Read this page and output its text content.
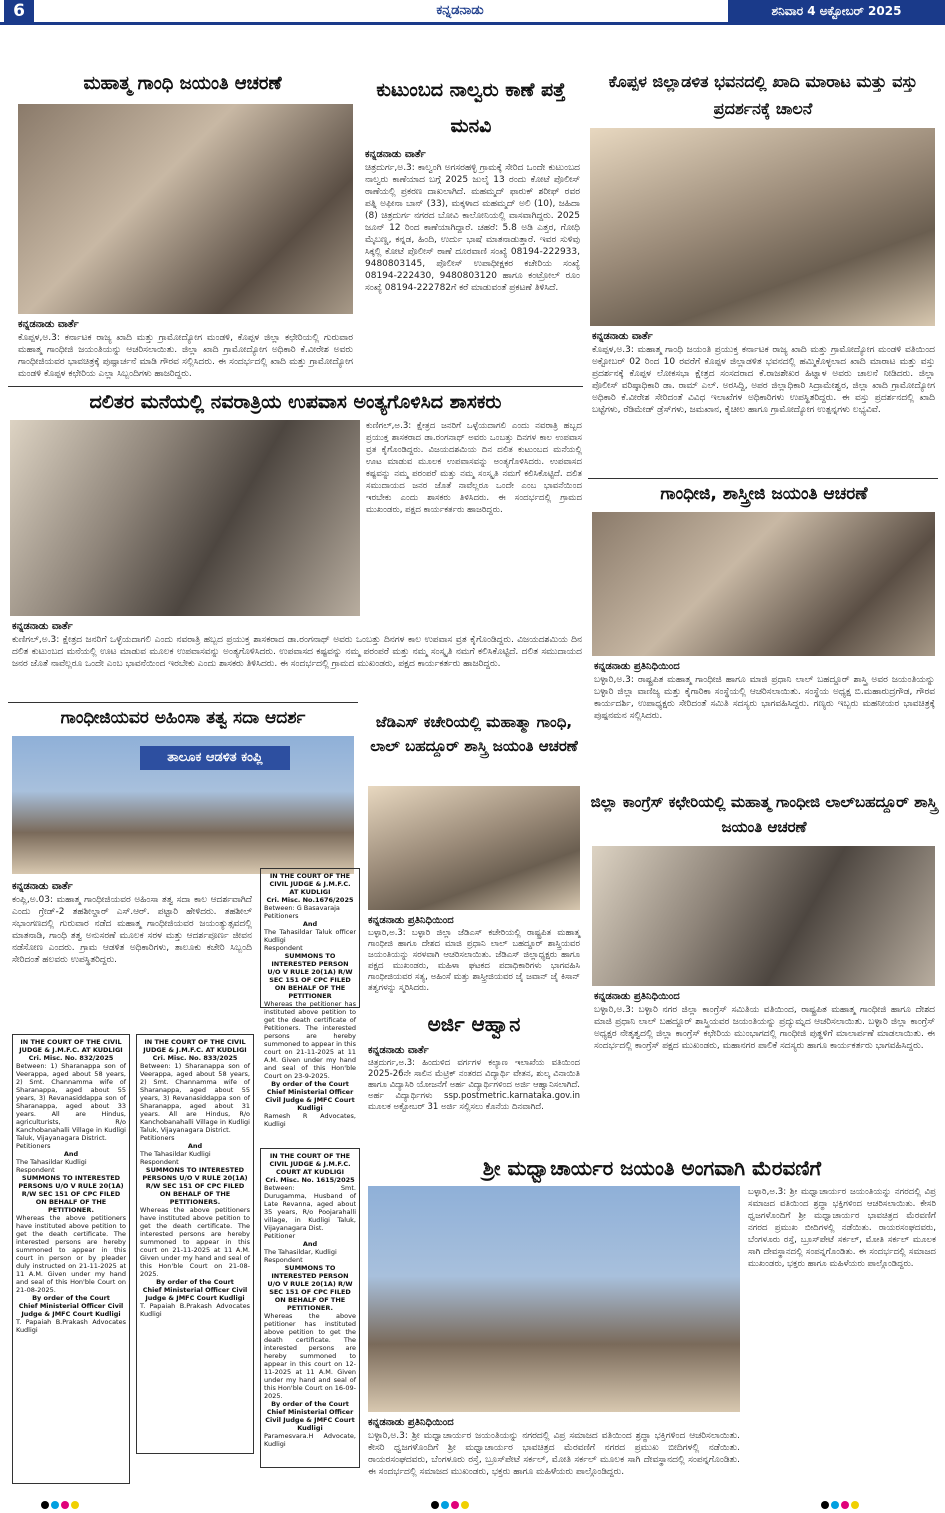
6	ಕನ್ನಡನಾಡು	ಶನಿವಾರ 4 ಅಕ್ಟೋಬರ್ 2025
ಮಹಾತ್ಮ ಗಾಂಧಿ ಜಯಂತಿ ಆಚರಣೆ
ಕನ್ನಡನಾಡು ವಾರ್ತೆ
ಕೊಪ್ಪಳ,ಅ.3: ಕರ್ನಾಟಕ ರಾಜ್ಯ ಖಾದಿ ಮತ್ತು ಗ್ರಾಮೋದ್ಯೋಗ ಮಂಡಳಿ, ಕೊಪ್ಪಳ ಜಿಲ್ಲಾ ಕಛೇರಿಯಲ್ಲಿ ಗುರುವಾರ ಮಹಾತ್ಮ ಗಾಂಧೀಜಿ ಜಯಂತಿಯನ್ನು ಆಚರಿಸಲಾಯಿತು. ಜಿಲ್ಲಾ ಖಾದಿ ಗ್ರಾಮೋದ್ಯೋಗ ಅಧಿಕಾರಿ ಕೆ.ವೀರೇಶ ಅವರು ಗಾಂಧೀಜಿಯವರ ಭಾವಚಿತ್ರಕ್ಕೆ ಪುಷ್ಪಾರ್ಚನೆ ಮಾಡಿ ಗೌರವ ಸಲ್ಲಿಸಿದರು. ಈ ಸಂದರ್ಭದಲ್ಲಿ ಖಾದಿ ಮತ್ತು ಗ್ರಾಮೋದ್ಯೋಗ ಮಂಡಳಿ ಕೊಪ್ಪಳ ಕಛೇರಿಯ ಎಲ್ಲಾ ಸಿಬ್ಬಂದಿಗಳು ಹಾಜರಿದ್ದರು.
ಕುಟುಂಬದ ನಾಲ್ವರು ಕಾಣೆ ಪತ್ತೆ ಮನವಿ
ಕನ್ನಡನಾಡು ವಾರ್ತೆ
ಚಿತ್ರದುರ್ಗ,ಅ.3: ಕಾಲ್ವಂಗಿ ಅಗಸರಹಳ್ಳಿ ಗ್ರಾಮಕ್ಕೆ ಸೇರಿದ ಒಂದೇ ಕುಟುಂಬದ ನಾಲ್ವರು ಕಾಣೆಯಾದ ಬಗ್ಗೆ 2025 ಜುಲೈ 13 ರಂದು ಕೋಟೆ ಪೊಲೀಸ್ ಠಾಣೆಯಲ್ಲಿ ಪ್ರಕರಣ ದಾಖಲಾಗಿದೆ. ಮಹಮ್ಮದ್ ಫಾರುಕ್ ಶರೀಫ್ ರವರ ಪತ್ನಿ ಅಫೀನಾ ಬಾನ್ (33), ಮಕ್ಕಳಾದ ಮಹಮ್ಮದ್ ಅಲಿ (10), ಜಹಿದಾ (8) ಚಿತ್ರದುರ್ಗ ನಗರದ ಬೋವಿ ಕಾಲೋನಿಯಲ್ಲಿ ವಾಸವಾಗಿದ್ದರು. 2025 ಜೂನ್ 12 ರಿಂದ ಕಾಣೆಯಾಗಿದ್ದಾರೆ. ಚಹರೆ: 5.8 ಅಡಿ ಎತ್ತರ, ಗೋಧಿ ಮೈಬಣ್ಣ, ಕನ್ನಡ, ಹಿಂದಿ, ಉರ್ದು ಭಾಷೆ ಮಾತನಾಡುತ್ತಾರೆ. ಇವರ ಸುಳಿವು ಸಿಕ್ಕಲ್ಲಿ ಕೋಟೆ ಪೊಲೀಸ್ ಠಾಣೆ ದೂರವಾಣಿ ಸಂಖ್ಯೆ 08194-222933, 9480803145, ಪೊಲೀಸ್ ಉಪಾಧೀಕ್ಷಕರ ಕಚೇರಿಯ ಸಂಖ್ಯೆ 08194-222430, 9480803120 ಹಾಗೂ ಕಂಟ್ರೋಲ್ ರೂಂ ಸಂಖ್ಯೆ 08194-222782ಗೆ ಕರೆ ಮಾಡುವಂತೆ ಪ್ರಕಟಣೆ ತಿಳಿಸಿದೆ.
ಕೊಪ್ಪಳ ಜಿಲ್ಲಾಡಳಿತ ಭವನದಲ್ಲಿ ಖಾದಿ ಮಾರಾಟ ಮತ್ತು ವಸ್ತು ಪ್ರದರ್ಶನಕ್ಕೆ ಚಾಲನೆ
ಕನ್ನಡನಾಡು ವಾರ್ತೆ
ಕೊಪ್ಪಳ,ಅ.3: ಮಹಾತ್ಮ ಗಾಂಧಿ ಜಯಂತಿ ಪ್ರಯುಕ್ತ ಕರ್ನಾಟಕ ರಾಜ್ಯ ಖಾದಿ ಮತ್ತು ಗ್ರಾಮೋದ್ಯೋಗ ಮಂಡಳಿ ವತಿಯಿಂದ ಅಕ್ಟೋಬರ್ 02 ರಿಂದ 10 ರವರೆಗೆ ಕೊಪ್ಪಳ ಜಿಲ್ಲಾಡಳಿತ ಭವನದಲ್ಲಿ ಹಮ್ಮಿಕೊಳ್ಳಲಾದ ಖಾದಿ ಮಾರಾಟ ಮತ್ತು ವಸ್ತು ಪ್ರದರ್ಶನಕ್ಕೆ ಕೊಪ್ಪಳ ಲೋಕಸಭಾ ಕ್ಷೇತ್ರದ ಸಂಸದರಾದ ಕೆ.ರಾಜಶೇಖರ ಹಿಟ್ನಾಳ ಅವರು ಚಾಲನೆ ನೀಡಿದರು. ಜಿಲ್ಲಾ ಪೊಲೀಸ್ ವರಿಷ್ಠಾಧಿಕಾರಿ ಡಾ. ರಾಮ್ ಎಲ್. ಅರಸಿದ್ದಿ, ಅಪರ ಜಿಲ್ಲಾಧಿಕಾರಿ ಸಿದ್ರಾಮೇಶ್ವರ, ಜಿಲ್ಲಾ ಖಾದಿ ಗ್ರಾಮೋದ್ಯೋಗ ಅಧಿಕಾರಿ ಕೆ.ವೀರೇಶ ಸೇರಿದಂತೆ ವಿವಿಧ ಇಲಾಖೆಗಳ ಅಧಿಕಾರಿಗಳು ಉಪಸ್ಥಿತರಿದ್ದರು. ಈ ವಸ್ತು ಪ್ರದರ್ಶನದಲ್ಲಿ ಖಾದಿ ಬಟ್ಟೆಗಳು, ರೆಡಿಮೇಡ್ ಡ್ರೆಸ್‌ಗಳು, ಜಮಖಾನ, ಕೈಚೀಲ ಹಾಗೂ ಗ್ರಾಮೋದ್ಯೋಗ ಉತ್ಪನ್ನಗಳು ಲಭ್ಯವಿವೆ.
ದಲಿತರ ಮನೆಯಲ್ಲಿ ನವರಾತ್ರಿಯ ಉಪವಾಸ ಅಂತ್ಯಗೊಳಿಸಿದ ಶಾಸಕರು
ಕನ್ನಡನಾಡು ವಾರ್ತೆ
ಕುಣಿಗಲ್,ಅ.3: ಕ್ಷೇತ್ರದ ಜನರಿಗೆ ಒಳ್ಳೆಯದಾಗಲಿ ಎಂದು ನವರಾತ್ರಿ ಹಬ್ಬದ ಪ್ರಯುಕ್ತ ಶಾಸಕರಾದ ಡಾ.ರಂಗನಾಥ್ ಅವರು ಒಂಬತ್ತು ದಿನಗಳ ಕಾಲ ಉಪವಾಸ ವ್ರತ ಕೈಗೊಂಡಿದ್ದರು. ವಿಜಯದಶಮಿಯ ದಿನ ದಲಿತ ಕುಟುಂಬದ ಮನೆಯಲ್ಲಿ ಊಟ ಮಾಡುವ ಮೂಲಕ ಉಪವಾಸವನ್ನು ಅಂತ್ಯಗೊಳಿಸಿದರು. ಉಪವಾಸದ ಕಷ್ಟವನ್ನು ನಮ್ಮ ಪರಂಪರೆ ಮತ್ತು ನಮ್ಮ ಸಂಸ್ಕೃತಿ ನಮಗೆ ಕಲಿಸಿಕೊಟ್ಟಿದೆ. ದಲಿತ ಸಮುದಾಯದ ಜನರ ಜೊತೆ ನಾವೆಲ್ಲರೂ ಒಂದೇ ಎಂಬ ಭಾವನೆಯಿಂದ ಇರಬೇಕು ಎಂದು ಶಾಸಕರು ತಿಳಿಸಿದರು. ಈ ಸಂದರ್ಭದಲ್ಲಿ ಗ್ರಾಮದ ಮುಖಂಡರು, ಪಕ್ಷದ ಕಾರ್ಯಕರ್ತರು ಹಾಜರಿದ್ದರು.
ಕುಣಿಗಲ್,ಅ.3: ಕ್ಷೇತ್ರದ ಜನರಿಗೆ ಒಳ್ಳೆಯದಾಗಲಿ ಎಂದು ನವರಾತ್ರಿ ಹಬ್ಬದ ಪ್ರಯುಕ್ತ ಶಾಸಕರಾದ ಡಾ.ರಂಗನಾಥ್ ಅವರು ಒಂಬತ್ತು ದಿನಗಳ ಕಾಲ ಉಪವಾಸ ವ್ರತ ಕೈಗೊಂಡಿದ್ದರು. ವಿಜಯದಶಮಿಯ ದಿನ ದಲಿತ ಕುಟುಂಬದ ಮನೆಯಲ್ಲಿ ಊಟ ಮಾಡುವ ಮೂಲಕ ಉಪವಾಸವನ್ನು ಅಂತ್ಯಗೊಳಿಸಿದರು. ಉಪವಾಸದ ಕಷ್ಟವನ್ನು ನಮ್ಮ ಪರಂಪರೆ ಮತ್ತು ನಮ್ಮ ಸಂಸ್ಕೃತಿ ನಮಗೆ ಕಲಿಸಿಕೊಟ್ಟಿದೆ. ದಲಿತ ಸಮುದಾಯದ ಜನರ ಜೊತೆ ನಾವೆಲ್ಲರೂ ಒಂದೇ ಎಂಬ ಭಾವನೆಯಿಂದ ಇರಬೇಕು ಎಂದು ಶಾಸಕರು ತಿಳಿಸಿದರು. ಈ ಸಂದರ್ಭದಲ್ಲಿ ಗ್ರಾಮದ ಮುಖಂಡರು, ಪಕ್ಷದ ಕಾರ್ಯಕರ್ತರು ಹಾಜರಿದ್ದರು.
ಗಾಂಧೀಜಿ, ಶಾಸ್ತ್ರೀಜಿ ಜಯಂತಿ ಆಚರಣೆ
ಕನ್ನಡನಾಡು ಪ್ರತಿನಿಧಿಯಿಂದ
ಬಳ್ಳಾರಿ,ಅ.3: ರಾಷ್ಟ್ರಪಿತ ಮಹಾತ್ಮ ಗಾಂಧೀಜಿ ಹಾಗೂ ಮಾಜಿ ಪ್ರಧಾನಿ ಲಾಲ್ ಬಹದ್ದೂರ್ ಶಾಸ್ತ್ರಿ ಅವರ ಜಯಂತಿಯನ್ನು ಬಳ್ಳಾರಿ ಜಿಲ್ಲಾ ವಾಣಿಜ್ಯ ಮತ್ತು ಕೈಗಾರಿಕಾ ಸಂಸ್ಥೆಯಲ್ಲಿ ಆಚರಿಸಲಾಯಿತು. ಸಂಸ್ಥೆಯ ಅಧ್ಯಕ್ಷ ಬಿ.ಮಹಾರುದ್ರಗೌಡ, ಗೌರವ ಕಾರ್ಯದರ್ಶಿ, ಉಪಾಧ್ಯಕ್ಷರು ಸೇರಿದಂತೆ ಸಮಿತಿ ಸದಸ್ಯರು ಭಾಗವಹಿಸಿದ್ದರು. ಗಣ್ಯರು ಇಬ್ಬರು ಮಹನೀಯರ ಭಾವಚಿತ್ರಕ್ಕೆ ಪುಷ್ಪನಮನ ಸಲ್ಲಿಸಿದರು.
ಗಾಂಧೀಜಿಯವರ ಅಹಿಂಸಾ ತತ್ವ ಸದಾ ಆದರ್ಶ
ತಾಲೂಕ ಆಡಳಿತ ಕಂಪ್ಲಿ
ಕನ್ನಡನಾಡು ವಾರ್ತೆ
ಕಂಪ್ಲಿ,ಅ.03: ಮಹಾತ್ಮ ಗಾಂಧೀಜಿಯವರ ಅಹಿಂಸಾ ತತ್ವ ಸದಾ ಕಾಲ ಆದರ್ಶವಾಗಿದೆ ಎಂದು ಗ್ರೇಡ್-2 ತಹಶೀಲ್ದಾರ್ ಎಸ್.ಆರ್. ಪಟ್ಟಾರಿ ಹೇಳಿದರು. ತಹಶೀಲ್ ಸಭಾಂಗಣದಲ್ಲಿ ಗುರುವಾರ ನಡೆದ ಮಹಾತ್ಮ ಗಾಂಧೀಜಿಯವರ ಜಯಂತ್ಯುತ್ಸವದಲ್ಲಿ ಮಾತನಾಡಿ, ಗಾಂಧಿ ತತ್ವ ಅನುಸರಣೆ ಮೂಲಕ ಸರಳ ಮತ್ತು ಆದರ್ಶಪೂರ್ಣ ಜೀವನ ನಡೆಸೋಣ ಎಂದರು. ಗ್ರಾಮ ಆಡಳಿತ ಅಧಿಕಾರಿಗಳು, ತಾಲೂಕು ಕಚೇರಿ ಸಿಬ್ಬಂದಿ ಸೇರಿದಂತೆ ಹಲವರು ಉಪಸ್ಥಿತರಿದ್ದರು.
ಜೆಡಿಎಸ್ ಕಚೇರಿಯಲ್ಲಿ ಮಹಾತ್ಮಾ ಗಾಂಧಿ, ಲಾಲ್ ಬಹದ್ದೂರ್ ಶಾಸ್ತ್ರಿ ಜಯಂತಿ ಆಚರಣೆ
ಕನ್ನಡನಾಡು ಪ್ರತಿನಿಧಿಯಿಂದ
ಬಳ್ಳಾರಿ,ಅ.3: ಬಳ್ಳಾರಿ ಜಿಲ್ಲಾ ಜೆಡಿಎಸ್ ಕಚೇರಿಯಲ್ಲಿ ರಾಷ್ಟ್ರಪಿತ ಮಹಾತ್ಮ ಗಾಂಧೀಜಿ ಹಾಗೂ ದೇಶದ ಮಾಜಿ ಪ್ರಧಾನಿ ಲಾಲ್ ಬಹದ್ದೂರ್ ಶಾಸ್ತ್ರಿಯವರ ಜಯಂತಿಯನ್ನು ಸರಳವಾಗಿ ಆಚರಿಸಲಾಯಿತು. ಜೆಡಿಎಸ್ ಜಿಲ್ಲಾಧ್ಯಕ್ಷರು ಹಾಗೂ ಪಕ್ಷದ ಮುಖಂಡರು, ಮಹಿಳಾ ಘಟಕದ ಪದಾಧಿಕಾರಿಗಳು ಭಾಗವಹಿಸಿ ಗಾಂಧೀಜಿಯವರ ಸತ್ಯ, ಅಹಿಂಸೆ ಮತ್ತು ಶಾಸ್ತ್ರೀಜಿಯವರ ಜೈ ಜವಾನ್ ಜೈ ಕಿಸಾನ್ ತತ್ವಗಳನ್ನು ಸ್ಮರಿಸಿದರು.
ಜಿಲ್ಲಾ ಕಾಂಗ್ರೆಸ್ ಕಛೇರಿಯಲ್ಲಿ ಮಹಾತ್ಮ ಗಾಂಧೀಜಿ ಲಾಲ್‌ಬಹದ್ದೂರ್ ಶಾಸ್ತ್ರಿ ಜಯಂತಿ ಆಚರಣೆ
ಕನ್ನಡನಾಡು ಪ್ರತಿನಿಧಿಯಿಂದ
ಬಳ್ಳಾರಿ,ಅ.3: ಬಳ್ಳಾರಿ ನಗರ ಜಿಲ್ಲಾ ಕಾಂಗ್ರೆಸ್ ಸಮಿತಿಯ ವತಿಯಿಂದ, ರಾಷ್ಟ್ರಪಿತ ಮಹಾತ್ಮ ಗಾಂಧೀಜಿ ಹಾಗೂ ದೇಶದ ಮಾಜಿ ಪ್ರಧಾನಿ ಲಾಲ್ ಬಹದ್ದೂರ್ ಶಾಸ್ತ್ರಿಯವರ ಜಯಂತಿಯನ್ನು ಪ್ರದ್ಯುಮ್ನದ ಆಚರಿಸಲಾಯಿತು. ಬಳ್ಳಾರಿ ಜಿಲ್ಲಾ ಕಾಂಗ್ರೆಸ್ ಅಧ್ಯಕ್ಷರ ನೇತೃತ್ವದಲ್ಲಿ ಜಿಲ್ಲಾ ಕಾಂಗ್ರೆಸ್ ಕಛೇರಿಯ ಮುಂಭಾಗದಲ್ಲಿ ಗಾಂಧೀಜಿ ಪುತ್ಥಳಿಗೆ ಮಾಲಾರ್ಪಣೆ ಮಾಡಲಾಯಿತು. ಈ ಸಂದರ್ಭದಲ್ಲಿ ಕಾಂಗ್ರೆಸ್ ಪಕ್ಷದ ಮುಖಂಡರು, ಮಹಾನಗರ ಪಾಲಿಕೆ ಸದಸ್ಯರು ಹಾಗೂ ಕಾರ್ಯಕರ್ತರು ಭಾಗವಹಿಸಿದ್ದರು.
ಅರ್ಜಿ ಆಹ್ವಾನ
ಕನ್ನಡನಾಡು ವಾರ್ತೆ
ಚಿತ್ರದುರ್ಗ,ಅ.3: ಹಿಂದುಳಿದ ವರ್ಗಗಳ ಕಲ್ಯಾಣ ಇಲಾಖೆಯ ವತಿಯಿಂದ 2025-26ನೇ ಸಾಲಿನ ಮೆಟ್ರಿಕ್ ನಂತರದ ವಿದ್ಯಾರ್ಥಿ ವೇತನ, ಶುಲ್ಕ ವಿನಾಯಿತಿ ಹಾಗೂ ವಿದ್ಯಾಸಿರಿ ಯೋಜನೆಗೆ ಅರ್ಹ ವಿದ್ಯಾರ್ಥಿಗಳಿಂದ ಅರ್ಜಿ ಆಹ್ವಾನಿಸಲಾಗಿದೆ. ಅರ್ಹ ವಿದ್ಯಾರ್ಥಿಗಳು ssp.postmetric.karnataka.gov.in ಮೂಲಕ ಅಕ್ಟೋಬರ್ 31 ಅರ್ಜಿ ಸಲ್ಲಿಸಲು ಕೊನೆಯ ದಿನವಾಗಿದೆ.
IN THE COURT OF THE CIVIL JUDGE & J.M.F.C. AT KUDLIGI
Cri. Misc. No.1676/2025
Between: G Basavaraja
Petitioners
And
The Tahasildar Taluk officer Kudligi
Respondent
SUMMONS TO INTERESTED PERSON U/O V RULE 20(1A) R/W SEC 151 OF CPC FILED ON BEHALF OF THE PETITIONER
Whereas the petitioner has instituted above petition to get the death certificate of Petitioners. The interested persons are hereby summoned to appear in this court on 21-11-2025 at 11 A.M. Given under my hand and seal of this Hon'ble Court on 23-9-2025.
By order of the Court
Chief Ministerial Officer Civil Judge & JMFC Court Kudligi
Ramesh R Advocates, Kudligi
IN THE COURT OF THE CIVIL JUDGE & J.M.F.C. AT KUDLIGI
Cri. Misc. No. 832/2025
Between: 1) Sharanappa son of Veerappa, aged about 58 years, 2) Smt. Channamma wife of Sharanappa, aged about 55 years, 3) Revanasiddappa son of Sharanappa, aged about 33 years. All are Hindus, agriculturists, R/o Kanchobanahalli Village in Kudligi Taluk, Vijayanagara District.
Petitioners
And
The Tahasildar Kudligi
Respondent
SUMMONS TO INTERESTED PERSONS U/O V RULE 20(1A) R/W SEC 151 OF CPC FILED ON BEHALF OF THE PETITIONER.
Whereas the above petitioners have instituted above petition to get the death certificate. The interested persons are hereby summoned to appear in this court in person or by pleader duly instructed on 21-11-2025 at 11 A.M. Given under my hand and seal of this Hon'ble Court on 21-08-2025.
By order of the Court
Chief Ministerial Officer Civil Judge & JMFC Court Kudligi
T. Papaiah B.Prakash Advocates Kudligi
IN THE COURT OF THE CIVIL JUDGE & J.M.F.C. AT KUDLIGI
Cri. Misc. No. 833/2025
Between: 1) Sharanappa son of Veerappa, aged about 58 years, 2) Smt. Channamma wife of Sharanappa, aged about 55 years, 3) Revanasiddappa son of Sharanappa, aged about 31 years. All are Hindus, R/o Kanchobanahalli Village in Kudligi Taluk, Vijayanagara District.
Petitioners
And
The Tahasildar Kudligi
Respondent
SUMMONS TO INTERESTED PERSONS U/O V RULE 20(1A) R/W SEC 151 OF CPC FILED ON BEHALF OF THE PETITIONERS.
Whereas the above petitioners have instituted above petition to get the death certificate. The interested persons are hereby summoned to appear in this court on 21-11-2025 at 11 A.M. Given under my hand and seal of this Hon'ble Court on 21-08-2025.
By order of the Court
Chief Ministerial Officer Civil Judge & JMFC Court Kudligi
T. Papaiah B.Prakash Advocates Kudligi
IN THE COURT OF THE CIVIL JUDGE & J.M.F.C. COURT AT KUDLIGI
Cri. Misc. No. 1615/2025
Between: Smt. Durugamma, Husband of Late Revanna, aged about 35 years, R/o Poojarahalli village, in Kudligi Taluk, Vijayanagara Dist.
Petitioner
And
The Tahasildar, Kudligi
Respondent
SUMMONS TO INTERESTED PERSON U/O V RULE 20(1A) R/W SEC 151 OF CPC FILED ON BEHALF OF THE PETITIONER.
Whereas the above petitioner has instituted above petition to get the death certificate. The interested persons are hereby summoned to appear in this court on 12-11-2025 at 11 A.M. Given under my hand and seal of this Hon'ble Court on 16-09-2025.
By order of the Court
Chief Ministerial Officer Civil Judge & JMFC Court Kudligi
Paramesvara.H Advocate, Kudligi
ಶ್ರೀ ಮಧ್ವಾಚಾರ್ಯರ ಜಯಂತಿ ಅಂಗವಾಗಿ ಮೆರವಣಿಗೆ
ಕನ್ನಡನಾಡು ಪ್ರತಿನಿಧಿಯಿಂದ
ಬಳ್ಳಾರಿ,ಅ.3: ಶ್ರೀ ಮಧ್ವಾಚಾರ್ಯರ ಜಯಂತಿಯನ್ನು ನಗರದಲ್ಲಿ ವಿಪ್ರ ಸಮಾಜದ ವತಿಯಿಂದ ಶ್ರದ್ಧಾ ಭಕ್ತಿಗಳಿಂದ ಆಚರಿಸಲಾಯಿತು. ಕೇಸರಿ ಧ್ವಜಗಳೊಂದಿಗೆ ಶ್ರೀ ಮಧ್ವಾಚಾರ್ಯರ ಭಾವಚಿತ್ರದ ಮೆರವಣಿಗೆ ನಗರದ ಪ್ರಮುಖ ಬೀದಿಗಳಲ್ಲಿ ನಡೆಯಿತು. ರಾಯರಸಂಘದವರು, ಬೆಂಗಳೂರು ರಸ್ತೆ, ಬ್ರೂಸ್‌ಪೇಟೆ ಸರ್ಕಲ್, ಮೋತಿ ಸರ್ಕಲ್ ಮೂಲಕ ಸಾಗಿ ದೇವಸ್ಥಾನದಲ್ಲಿ ಸಂಪನ್ನಗೊಂಡಿತು. ಈ ಸಂದರ್ಭದಲ್ಲಿ ಸಮಾಜದ ಮುಖಂಡರು, ಭಕ್ತರು ಹಾಗೂ ಮಹಿಳೆಯರು ಪಾಲ್ಗೊಂಡಿದ್ದರು.
ಬಳ್ಳಾರಿ,ಅ.3: ಶ್ರೀ ಮಧ್ವಾಚಾರ್ಯರ ಜಯಂತಿಯನ್ನು ನಗರದಲ್ಲಿ ವಿಪ್ರ ಸಮಾಜದ ವತಿಯಿಂದ ಶ್ರದ್ಧಾ ಭಕ್ತಿಗಳಿಂದ ಆಚರಿಸಲಾಯಿತು. ಕೇಸರಿ ಧ್ವಜಗಳೊಂದಿಗೆ ಶ್ರೀ ಮಧ್ವಾಚಾರ್ಯರ ಭಾವಚಿತ್ರದ ಮೆರವಣಿಗೆ ನಗರದ ಪ್ರಮುಖ ಬೀದಿಗಳಲ್ಲಿ ನಡೆಯಿತು. ರಾಯರಸಂಘದವರು, ಬೆಂಗಳೂರು ರಸ್ತೆ, ಬ್ರೂಸ್‌ಪೇಟೆ ಸರ್ಕಲ್, ಮೋತಿ ಸರ್ಕಲ್ ಮೂಲಕ ಸಾಗಿ ದೇವಸ್ಥಾನದಲ್ಲಿ ಸಂಪನ್ನಗೊಂಡಿತು. ಈ ಸಂದರ್ಭದಲ್ಲಿ ಸಮಾಜದ ಮುಖಂಡರು, ಭಕ್ತರು ಹಾಗೂ ಮಹಿಳೆಯರು ಪಾಲ್ಗೊಂಡಿದ್ದರು.
